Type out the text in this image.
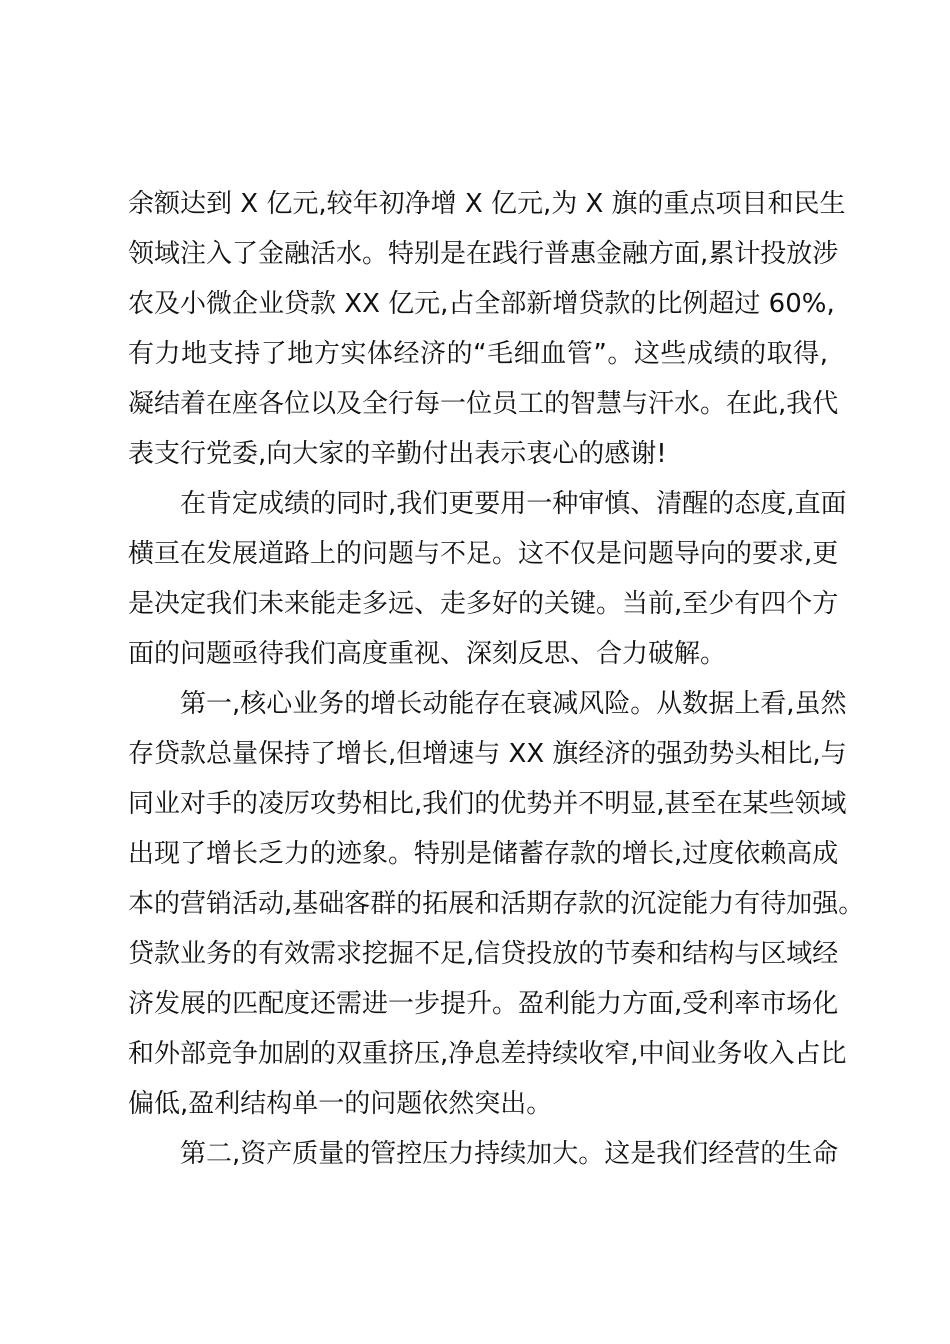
余额达到 X 亿元,较年初净增 X 亿元,为 X 旗的重点项目和民生
领域注入了金融活水。特别是在践行普惠金融方面,累计投放涉
农及小微企业贷款 XX 亿元,占全部新增贷款的比例超过 60%,
有力地支持了地方实体经济的“毛细血管”。这些成绩的取得,
凝结着在座各位以及全行每一位员工的智慧与汗水。在此,我代
表支行党委,向大家的辛勤付出表示衷心的感谢!
在肯定成绩的同时,我们更要用一种审慎、清醒的态度,直面
横亘在发展道路上的问题与不足。这不仅是问题导向的要求,更
是决定我们未来能走多远、走多好的关键。当前,至少有四个方
面的问题亟待我们高度重视、深刻反思、合力破解。
第一,核心业务的增长动能存在衰减风险。从数据上看,虽然
存贷款总量保持了增长,但增速与 XX 旗经济的强劲势头相比,与
同业对手的凌厉攻势相比,我们的优势并不明显,甚至在某些领域
出现了增长乏力的迹象。特别是储蓄存款的增长,过度依赖高成
本的营销活动,基础客群的拓展和活期存款的沉淀能力有待加强。
贷款业务的有效需求挖掘不足,信贷投放的节奏和结构与区域经
济发展的匹配度还需进一步提升。盈利能力方面,受利率市场化
和外部竞争加剧的双重挤压,净息差持续收窄,中间业务收入占比
偏低,盈利结构单一的问题依然突出。
第二,资产质量的管控压力持续加大。这是我们经营的生命
